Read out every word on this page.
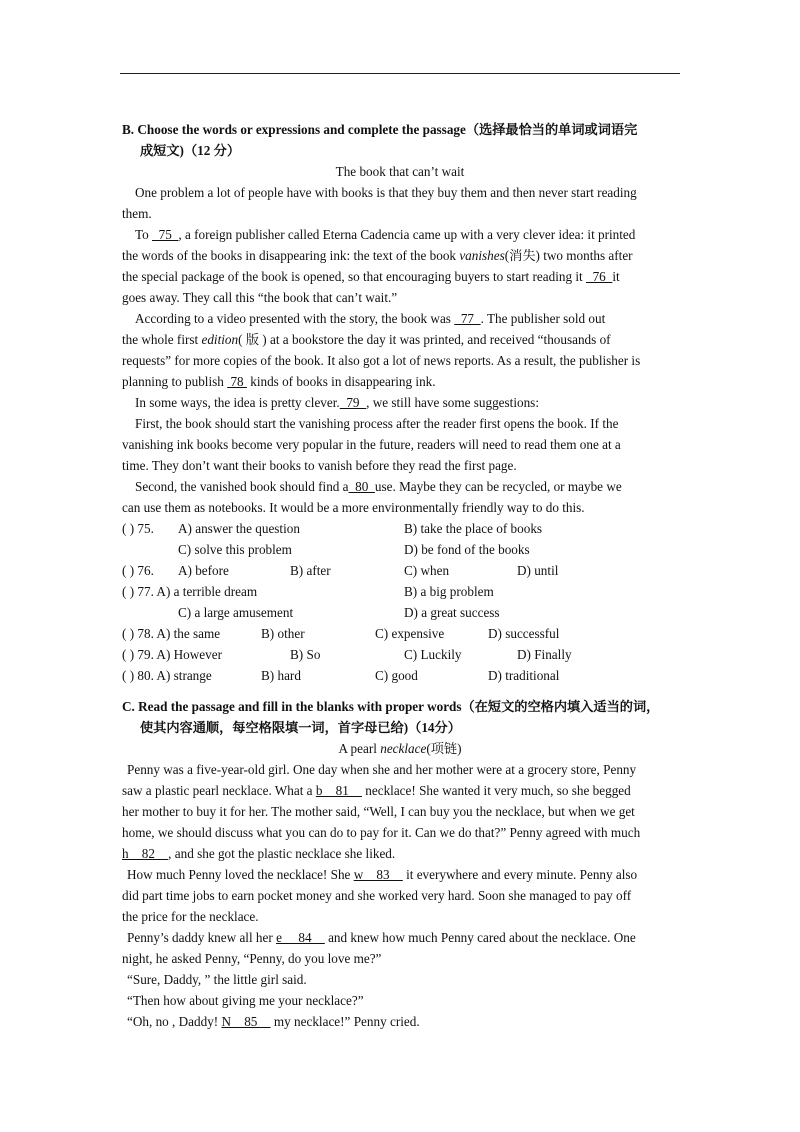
B. Choose the words or expressions and complete the passage（选择最恰当的单词或词语完
成短文)（12 分）
The book that can’t wait
One problem a lot of people have with books is that they buy them and then never start reading
them.
To   75  , a foreign publisher called Eterna Cadencia came up with a very clever idea: it printed
the words of the books in disappearing ink: the text of the book vanishes(消失) two months after
the special package of the book is opened, so that encouraging buyers to start reading it   76  it
goes away. They call this “the book that can’t wait.”
According to a video presented with the story, the book was   77  . The publisher sold out
the whole first edition( 版 ) at a bookstore the day it was printed, and received “thousands of
requests” for more copies of the book. It also got a lot of news reports. As a result, the publisher is
planning to publish  78  kinds of books in disappearing ink.
In some ways, the idea is pretty clever.  79  , we still have some suggestions:
First, the book should start the vanishing process after the reader first opens the book. If the
vanishing ink books become very popular in the future, readers will need to read them one at a
time. They don’t want their books to vanish before they read the first page.
Second, the vanished book should find a  80  use. Maybe they can be recycled, or maybe we
can use them as notebooks. It would be a more environmentally friendly way to do this.
( ) 75. A) answer the question	B) take the place of books
C) solve this problem	D) be fond of the books
( ) 76. A) before	B) after	C) when	D) until
( ) 77. A) a terrible dream	B) a big problem
C) a large amusement	D) a great success
( ) 78. A) the same	B) other	C) expensive	D) successful
( ) 79. A) However	B) So	C) Luckily	D) Finally
( ) 80. A) strange	B) hard	C) good	D) traditional
C. Read the passage and fill in the blanks with proper words（在短文的空格内填入适当的词，
使其内容通顺，每空格限填一词，首字母已给)（14分）
A pearl necklace(项链)
Penny was a five-year-old girl. One day when she and her mother were at a grocery store, Penny
saw a plastic pearl necklace. What a b    81     necklace! She wanted it very much, so she begged
her mother to buy it for her. The mother said, “Well, I can buy you the necklace, but when we get
home, we should discuss what you can do to pay for it. Can we do that?” Penny agreed with much
h    82    , and she got the plastic necklace she liked.
How much Penny loved the necklace! She w    83     it everywhere and every minute. Penny also
did part time jobs to earn pocket money and she worked very hard. Soon she managed to pay off
the price for the necklace.
Penny’s daddy knew all her e     84     and knew how much Penny cared about the necklace. One
night, he asked Penny, “Penny, do you love me?”
“Sure, Daddy, ” the little girl said.
“Then how about giving me your necklace?”
“Oh, no , Daddy! N    85     my necklace!” Penny cried.
